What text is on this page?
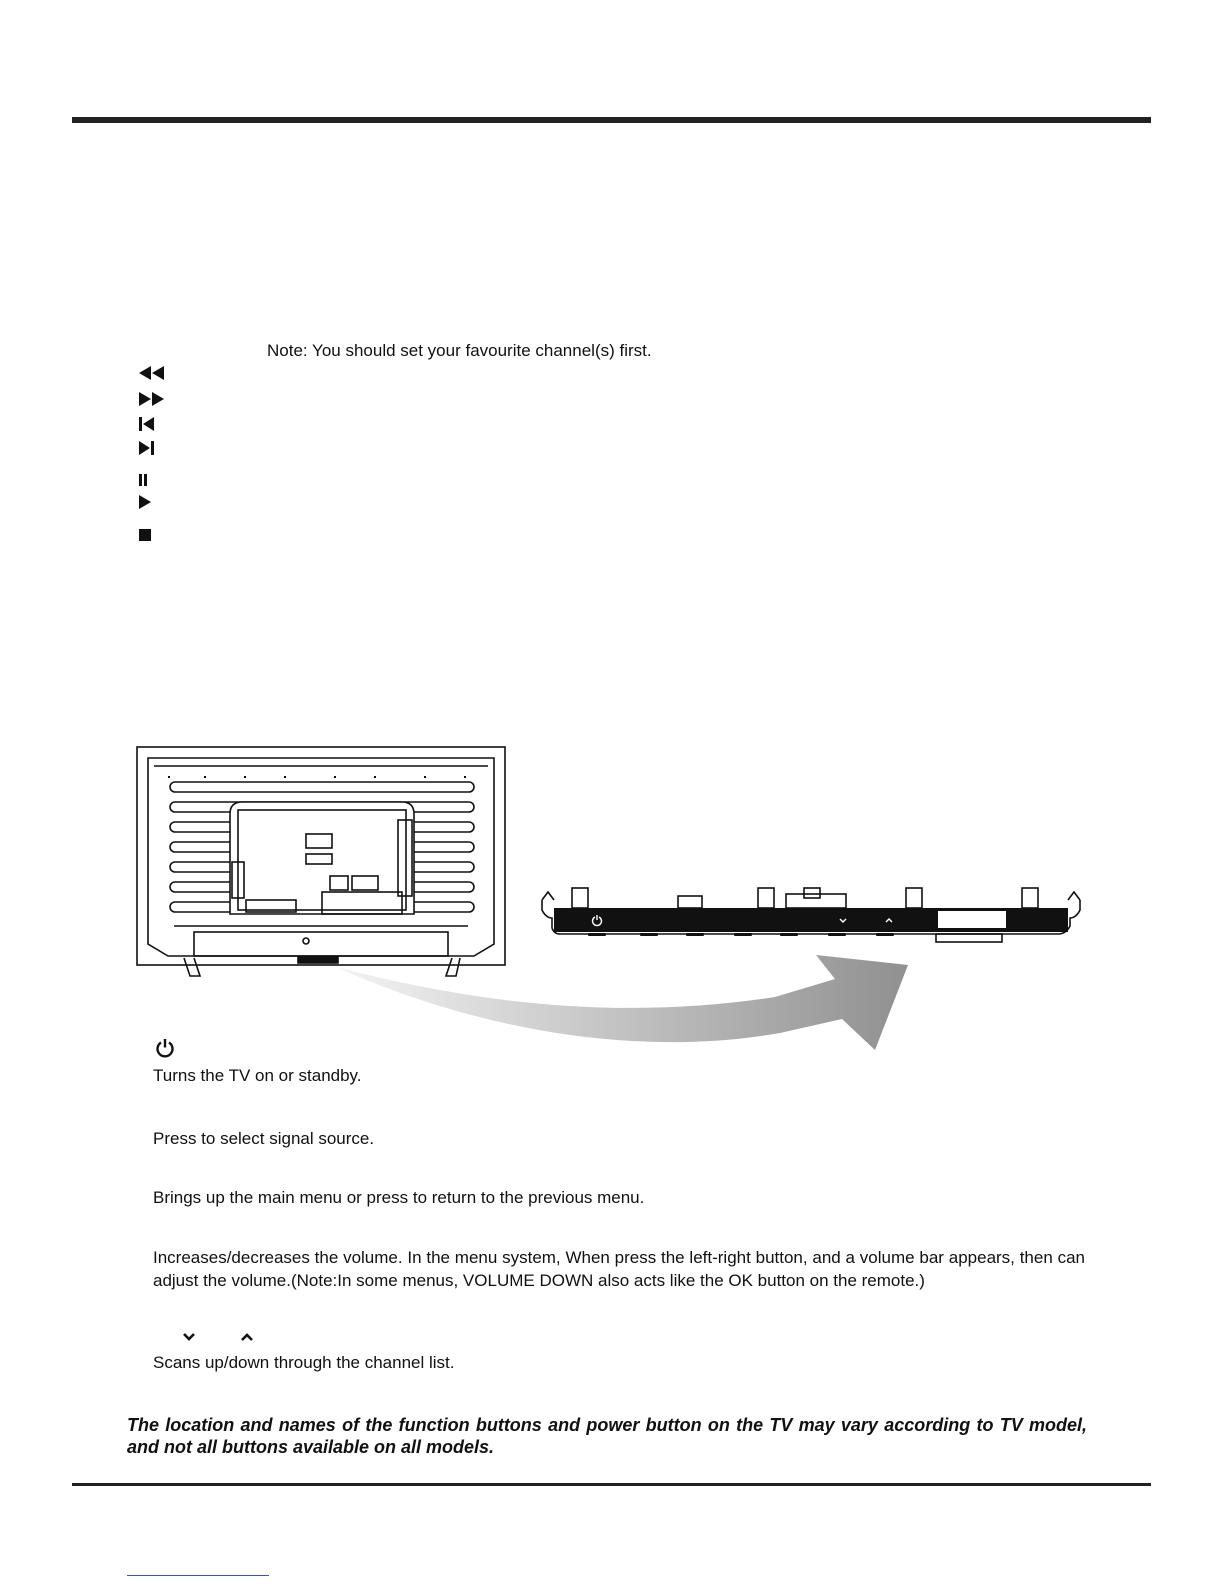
Note: You should set your favourite channel(s) first.
Turns the TV on or standby.
Press to select signal source.
Brings up the main menu or press to return to the previous menu.
Increases/decreases the volume. In the menu system, When press the left-right button, and a volume bar appears, then can adjust the volume.(Note:In some menus, VOLUME DOWN also acts like the OK button on the remote.)
Scans up/down through the channel list.
The location and names of the function buttons and power button on the TV may vary according to TV model, and not all buttons available on all models.
